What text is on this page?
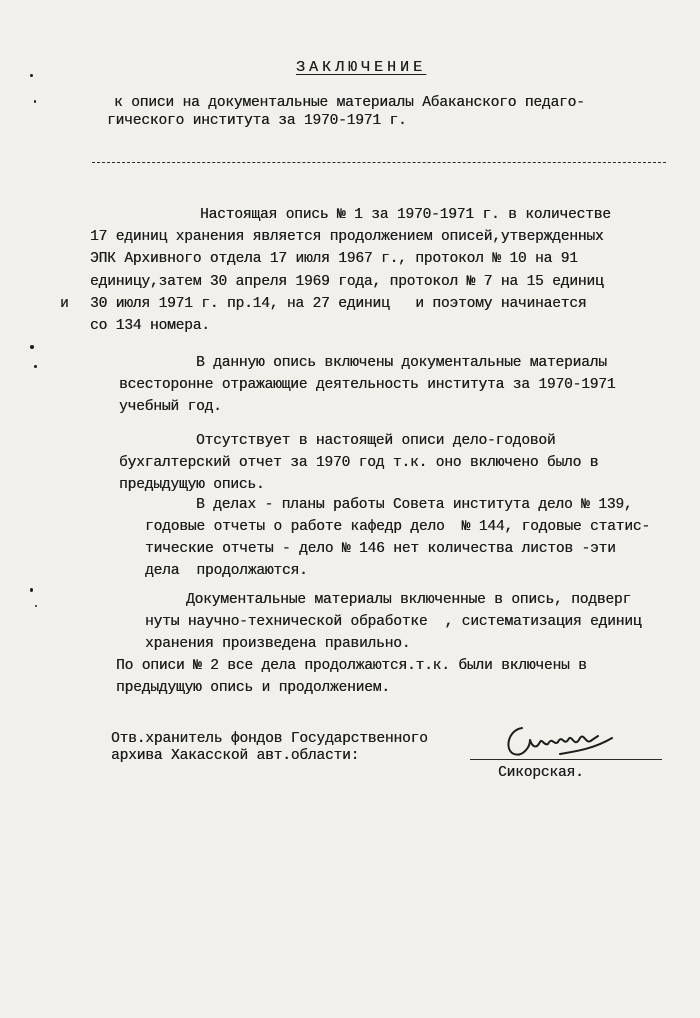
ЗАКЛЮЧЕНИЕ

к описи на документальные материалы Абаканского педаго-

гического института за 1970-1971 г.

Настоящая опись № 1 за 1970-1971 г. в количестве

17 единиц хранения является продолжением описей,утвержденных

ЭПК Архивного отдела 17 июля 1967 г., протокол № 10 на 91

единицу,затем 30 апреля 1969 года, протокол № 7 на 15 единиц

и 30 июля 1971 г. пр.14, на 27 единиц   и поэтому начинается

со 134 номера.

В данную опись включены документальные материалы

всесторонне отражающие деятельность института за 1970-1971

учебный год.

Отсутствует в настоящей описи дело-годовой

бухгалтерский отчет за 1970 год т.к. оно включено было в

предыдущую опись.

В делах - планы работы Совета института дело № 139,

годовые отчеты о работе кафедр дело  № 144, годовые статис-

тические отчеты - дело № 146 нет количества листов -эти

дела  продолжаются.

Документальные материалы включенные в опись, подверг

нуты научно-технической обработке  , систематизация единиц

хранения произведена правильно.

По описи № 2 все дела продолжаются.т.к. были включены в

предыдущую опись и продолжением.

Отв.хранитель фондов Государственного

архива Хакасской авт.области:

Сикорская.
